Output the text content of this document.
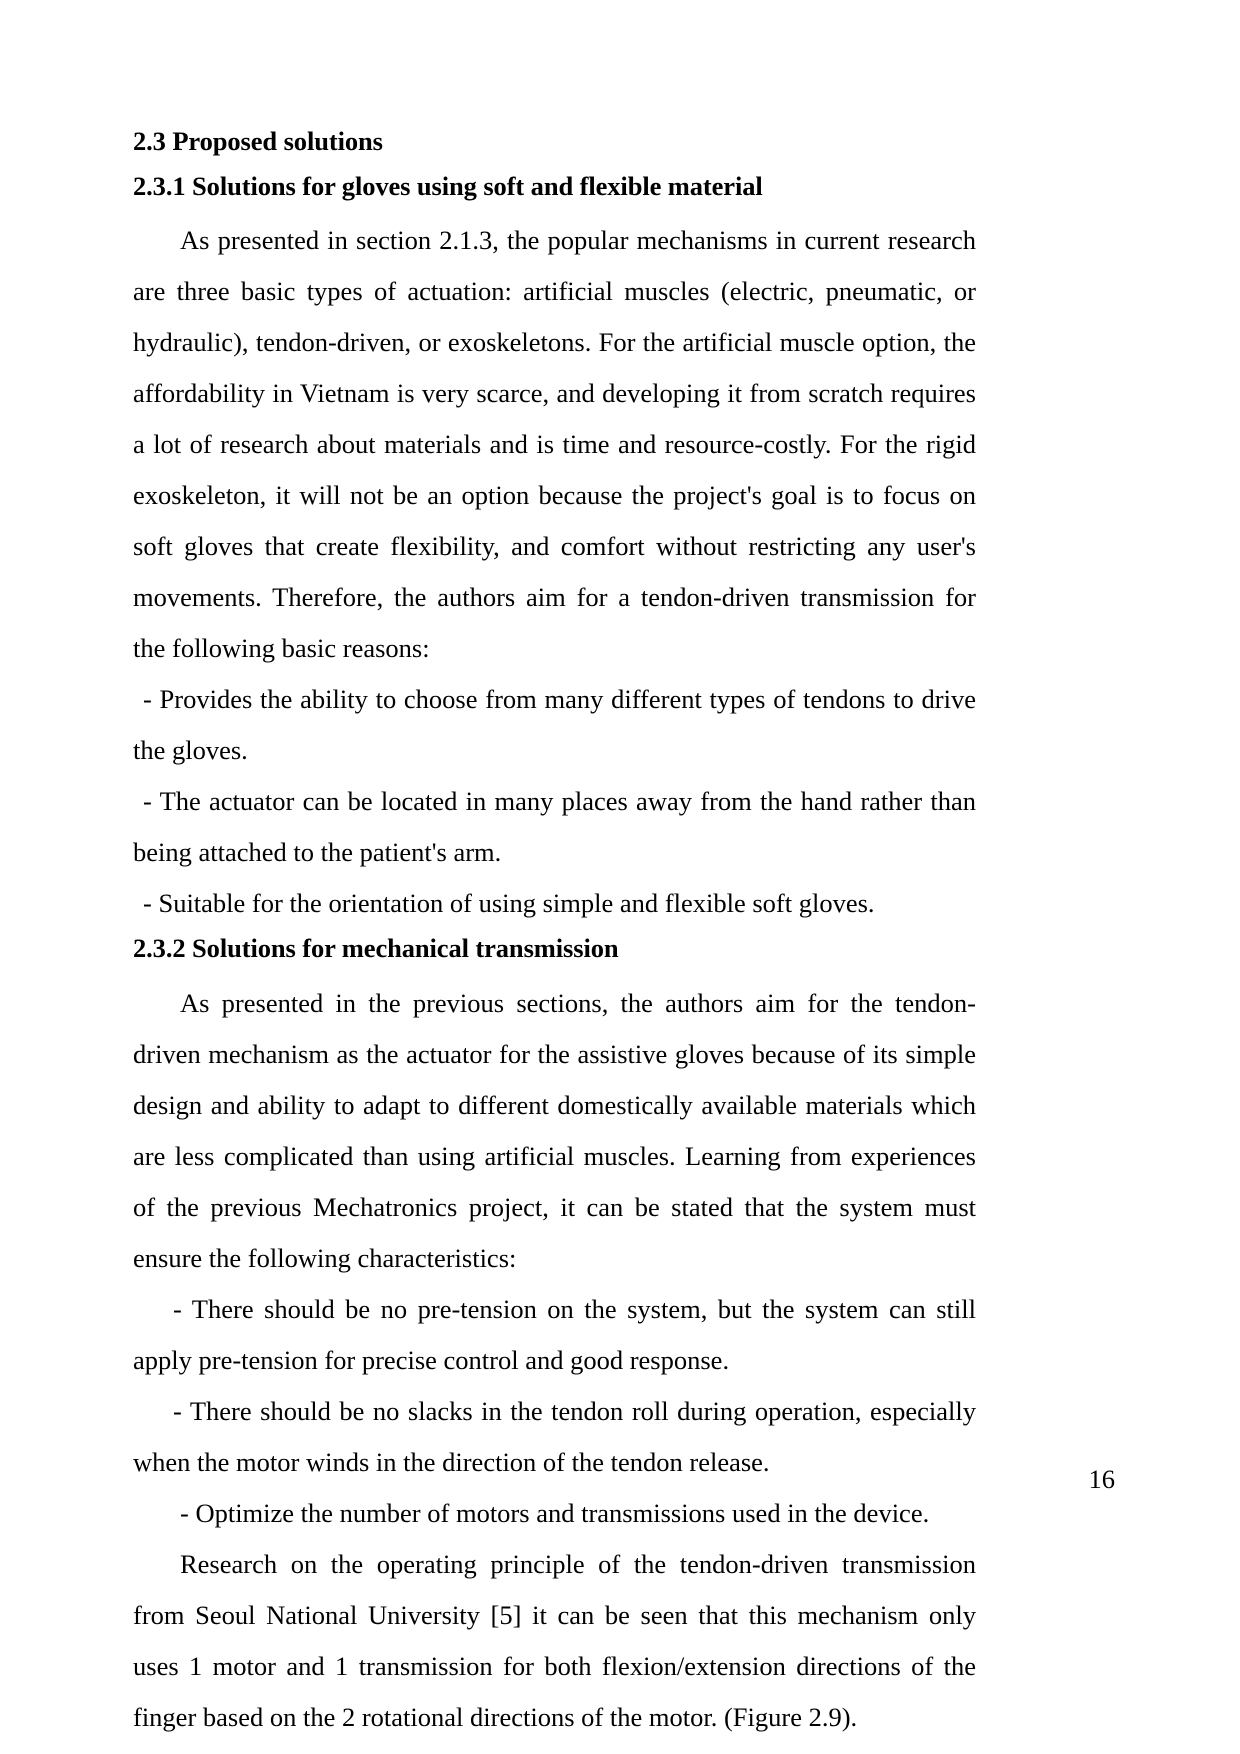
2.3 Proposed solutions
2.3.1 Solutions for gloves using soft and flexible material

As presented in section 2.1.3, the popular mechanisms in current research are three basic types of actuation: artificial muscles (electric, pneumatic, or hydraulic), tendon-driven, or exoskeletons. For the artificial muscle option, the affordability in Vietnam is very scarce, and developing it from scratch requires a lot of research about materials and is time and resource-costly. For the rigid exoskeleton, it will not be an option because the project's goal is to focus on soft gloves that create flexibility, and comfort without restricting any user's movements. Therefore, the authors aim for a tendon-driven transmission for the following basic reasons:

- Provides the ability to choose from many different types of tendons to drive the gloves.

- The actuator can be located in many places away from the hand rather than being attached to the patient's arm.

- Suitable for the orientation of using simple and flexible soft gloves.

2.3.2 Solutions for mechanical transmission

As presented in the previous sections, the authors aim for the tendon-driven mechanism as the actuator for the assistive gloves because of its simple design and ability to adapt to different domestically available materials which are less complicated than using artificial muscles. Learning from experiences of the previous Mechatronics project, it can be stated that the system must ensure the following characteristics:

- There should be no pre-tension on the system, but the system can still apply pre-tension for precise control and good response.

- There should be no slacks in the tendon roll during operation, especially when the motor winds in the direction of the tendon release.

- Optimize the number of motors and transmissions used in the device.

Research on the operating principle of the tendon-driven transmission from Seoul National University [5] it can be seen that this mechanism only uses 1 motor and 1 transmission for both flexion/extension directions of the finger based on the 2 rotational directions of the motor. (Figure 2.9).

16
